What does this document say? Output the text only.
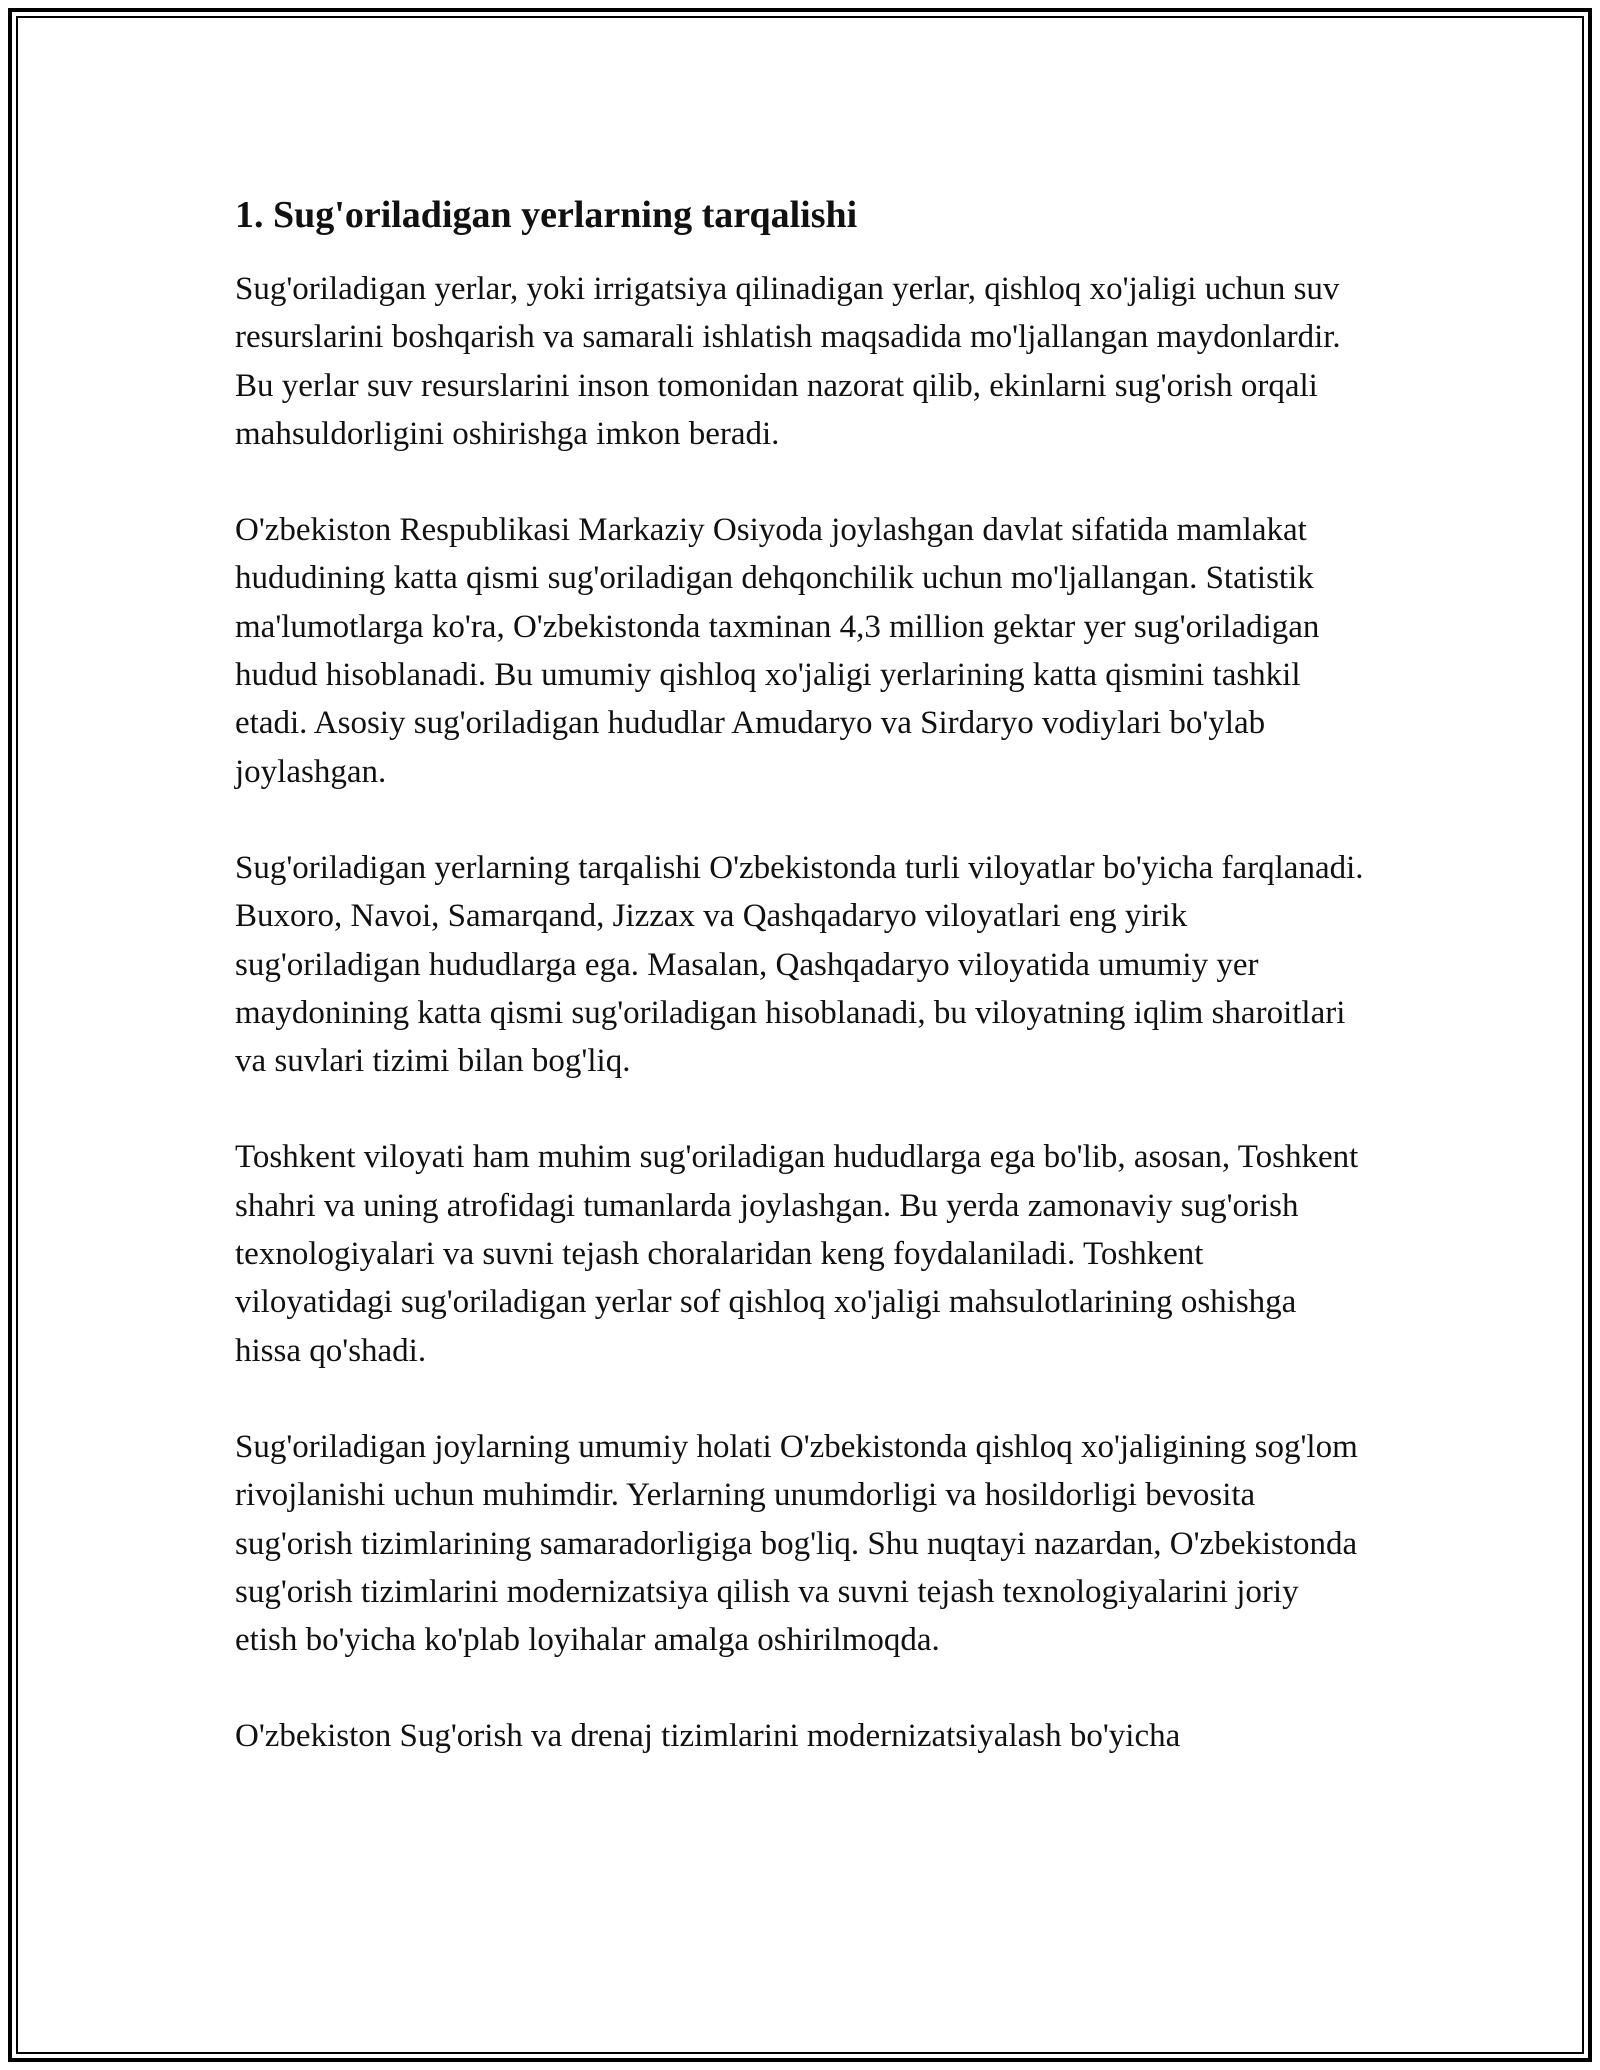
1. Sug'oriladigan yerlarning tarqalishi

Sug'oriladigan yerlar, yoki irrigatsiya qilinadigan yerlar, qishloq xo'jaligi uchun suv resurslarini boshqarish va samarali ishlatish maqsadida mo'ljallangan maydonlardir. Bu yerlar suv resurslarini inson tomonidan nazorat qilib, ekinlarni sug'orish orqali mahsuldorligini oshirishga imkon beradi.

O'zbekiston Respublikasi Markaziy Osiyoda joylashgan davlat sifatida mamlakat hududining katta qismi sug'oriladigan dehqonchilik uchun mo'ljallangan. Statistik ma'lumotlarga ko'ra, O'zbekistonda taxminan 4,3 million gektar yer sug'oriladigan hudud hisoblanadi. Bu umumiy qishloq xo'jaligi yerlarining katta qismini tashkil etadi. Asosiy sug'oriladigan hududlar Amudaryo va Sirdaryo vodiylari bo'ylab joylashgan.

Sug'oriladigan yerlarning tarqalishi O'zbekistonda turli viloyatlar bo'yicha farqlanadi. Buxoro, Navoi, Samarqand, Jizzax va Qashqadaryo viloyatlari eng yirik sug'oriladigan hududlarga ega. Masalan, Qashqadaryo viloyatida umumiy yer maydonining katta qismi sug'oriladigan hisoblanadi, bu viloyatning iqlim sharoitlari va suvlari tizimi bilan bog'liq.

Toshkent viloyati ham muhim sug'oriladigan hududlarga ega bo'lib, asosan, Toshkent shahri va uning atrofidagi tumanlarda joylashgan. Bu yerda zamonaviy sug'orish texnologiyalari va suvni tejash choralaridan keng foydalaniladi. Toshkent viloyatidagi sug'oriladigan yerlar sof qishloq xo'jaligi mahsulotlarining oshishga hissa qo'shadi.

Sug'oriladigan joylarning umumiy holati O'zbekistonda qishloq xo'jaligining sog'lom rivojlanishi uchun muhimdir. Yerlarning unumdorligi va hosildorligi bevosita sug'orish tizimlarining samaradorligiga bog'liq. Shu nuqtayi nazardan, O'zbekistonda sug'orish tizimlarini modernizatsiya qilish va suvni tejash texnologiyalarini joriy etish bo'yicha ko'plab loyihalar amalga oshirilmoqda.

O'zbekiston Sug'orish va drenaj tizimlarini modernizatsiyalash bo'yicha
